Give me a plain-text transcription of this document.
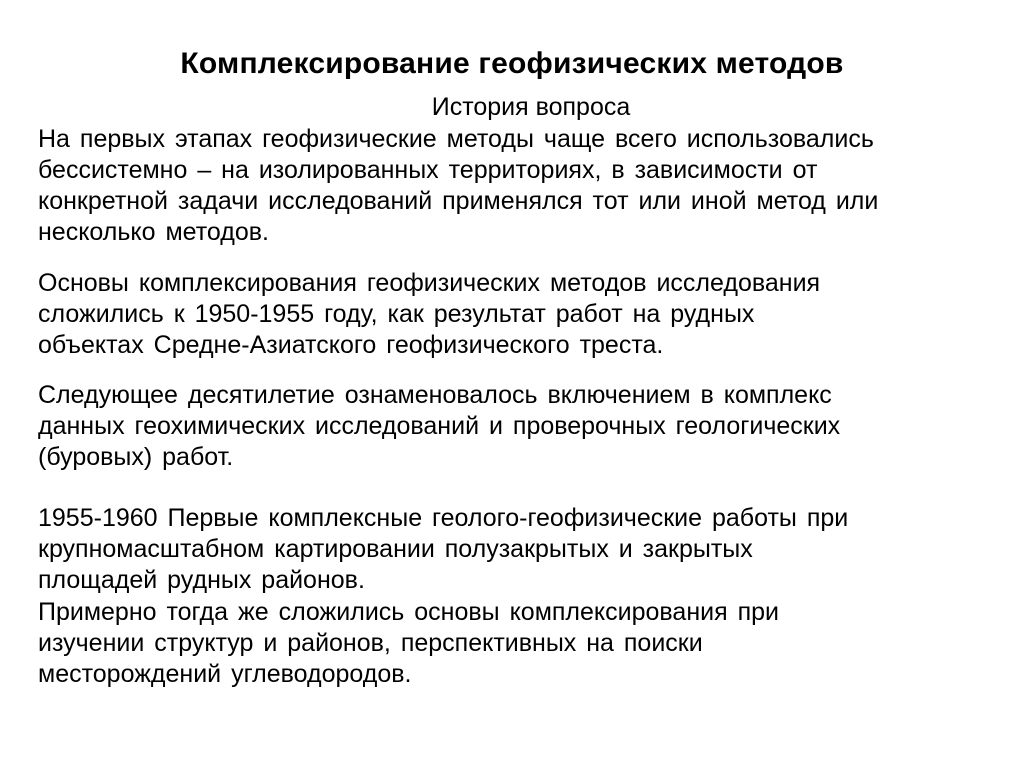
Комплексирование геофизических методов

История вопроса

На первых этапах геофизические методы чаще всего использовались
бессистемно – на изолированных территориях, в зависимости от
конкретной задачи исследований применялся тот или иной метод или
несколько методов.

Основы комплексирования геофизических методов исследования
сложились к 1950-1955 году, как результат работ на рудных
объектах Средне-Азиатского геофизического треста.

Следующее десятилетие ознаменовалось включением в комплекс
данных геохимических исследований и проверочных геологических
(буровых) работ.

1955-1960 Первые комплексные геолого-геофизические работы при
крупномасштабном картировании полузакрытых и закрытых
площадей рудных районов.

Примерно тогда же сложились основы комплексирования при
изучении структур и районов, перспективных на поиски
месторождений углеводородов.
